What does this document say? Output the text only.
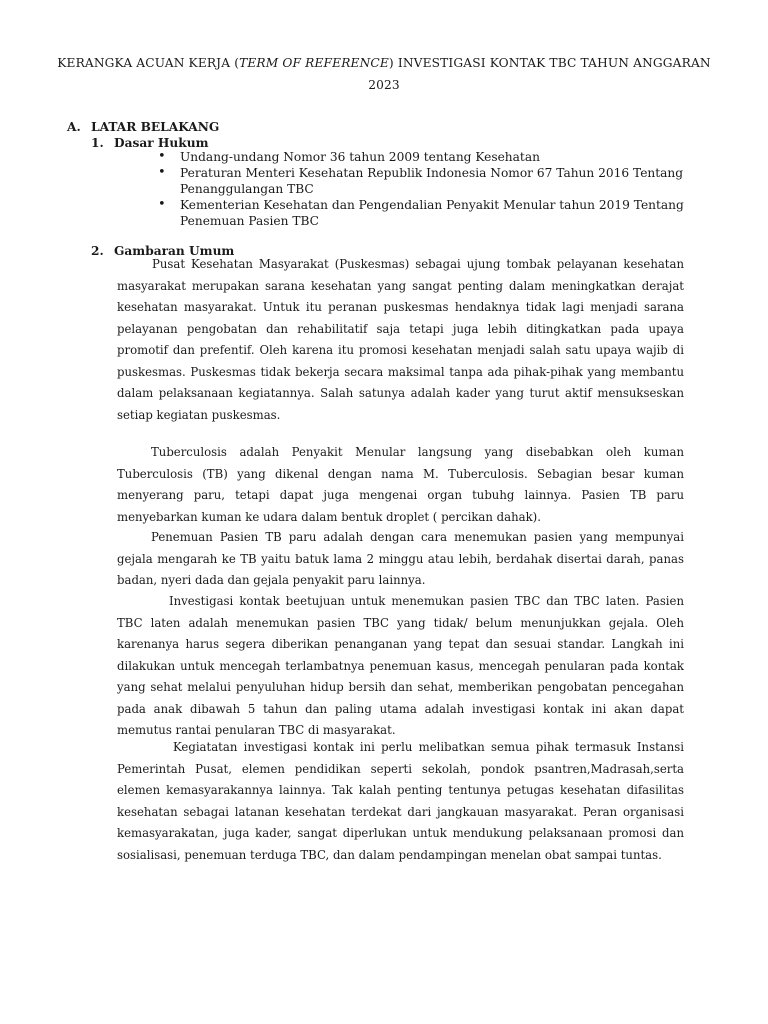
KERANGKA ACUAN KERJA (TERM OF REFERENCE) INVESTIGASI KONTAK TBC TAHUN ANGGARAN 2023
A. LATAR BELAKANG
1. Dasar Hukum
• Undang-undang Nomor 36 tahun 2009 tentang Kesehatan
• Peraturan Menteri Kesehatan Republik Indonesia Nomor 67 Tahun 2016 Tentang Penanggulangan TBC
• Kementerian Kesehatan dan Pengendalian Penyakit Menular tahun 2019 Tentang Penemuan Pasien TBC
2. Gambaran Umum
Pusat Kesehatan Masyarakat (Puskesmas) sebagai ujung tombak pelayanan kesehatan masyarakat merupakan sarana kesehatan yang sangat penting dalam meningkatkan derajat kesehatan masyarakat. Untuk itu peranan puskesmas hendaknya tidak lagi menjadi sarana pelayanan pengobatan dan rehabilitatif saja tetapi juga lebih ditingkatkan pada upaya promotif dan prefentif. Oleh karena itu promosi kesehatan menjadi salah satu upaya wajib di puskesmas. Puskesmas tidak bekerja secara maksimal tanpa ada pihak-pihak yang membantu dalam pelaksanaan kegiatannya. Salah satunya adalah kader yang turut aktif mensukseskan setiap kegiatan puskesmas.
Tuberculosis adalah Penyakit Menular langsung yang disebabkan oleh kuman Tuberculosis (TB) yang dikenal dengan nama M. Tuberculosis. Sebagian besar kuman menyerang paru, tetapi dapat juga mengenai organ tubuhg lainnya. Pasien TB paru menyebarkan kuman ke udara dalam bentuk droplet ( percikan dahak).
Penemuan Pasien TB paru adalah dengan cara menemukan pasien yang mempunyai gejala mengarah ke TB yaitu batuk lama 2 minggu atau lebih, berdahak disertai darah, panas badan, nyeri dada dan gejala penyakit paru lainnya.
Investigasi kontak beetujuan untuk menemukan pasien TBC dan TBC laten. Pasien TBC laten adalah menemukan pasien TBC yang tidak/ belum menunjukkan gejala. Oleh karenanya harus segera diberikan penanganan yang tepat dan sesuai standar. Langkah ini dilakukan untuk mencegah terlambatnya penemuan kasus, mencegah penularan pada kontak yang sehat melalui penyuluhan hidup bersih dan sehat, memberikan pengobatan pencegahan pada anak dibawah 5 tahun dan paling utama adalah investigasi kontak ini akan dapat memutus rantai penularan TBC di masyarakat.
Kegiatatan investigasi kontak ini perlu melibatkan semua pihak termasuk Instansi Pemerintah Pusat, elemen pendidikan seperti sekolah, pondok psantren,Madrasah,serta elemen kemasyarakannya lainnya. Tak kalah penting tentunya petugas kesehatan difasilitas kesehatan sebagai latanan kesehatan terdekat dari jangkauan masyarakat. Peran organisasi kemasyarakatan, juga kader, sangat diperlukan untuk mendukung pelaksanaan promosi dan sosialisasi, penemuan terduga TBC, dan dalam pendampingan menelan obat sampai tuntas.
